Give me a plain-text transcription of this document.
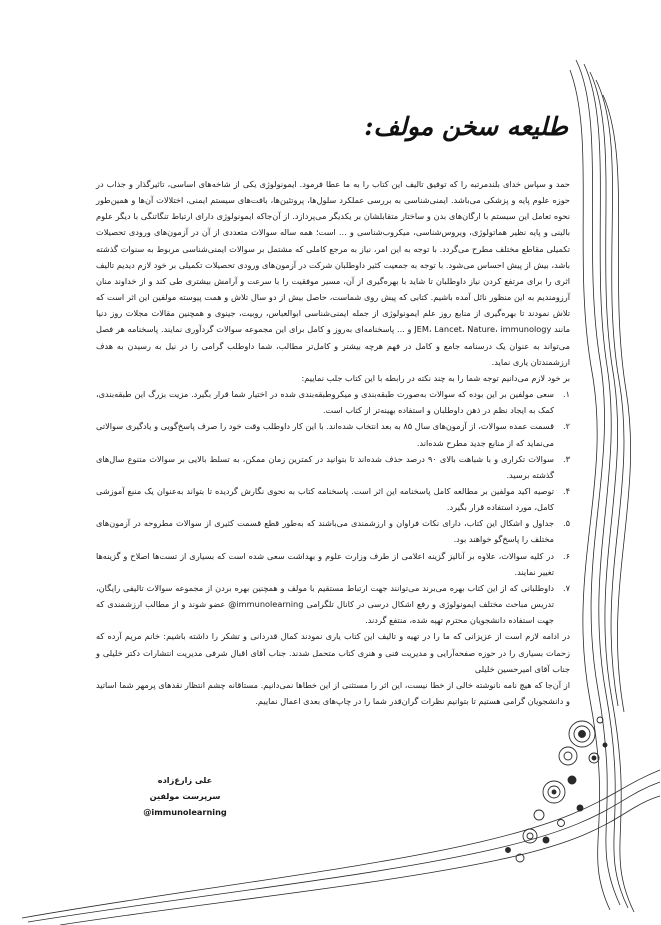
طلیعه سخن مولف:

حمد و سپاس خدای بلندمرتبه را که توفیق تالیف این کتاب را به ما عطا فرمود. ایمونولوژی یکی از شاخه‌های اساسی، تاثیرگذار و جذاب در حوزه علوم پایه و پزشکی می‌باشد. ایمنی‌شناسی به بررسی عملکرد سلول‌ها، پروتئین‌ها، بافت‌های سیستم ایمنی، اختلالات آن‌ها و همین‌طور نحوه تعامل این سیستم با ارگان‌های بدن و ساختار متقابلشان بر یکدیگر می‌پردازد. از آن‌جاکه ایمونولوژی دارای ارتباط تنگاتنگی با دیگر علوم بالینی و پایه نظیر هماتولوژی، ویروس‌شناسی، میکروب‌شناسی و ... است؛ همه ساله سوالات متعددی از آن در آزمون‌های ورودی تحصیلات تکمیلی مقاطع مختلف مطرح می‌گردد. با توجه به این امر، نیاز به مرجع کاملی که مشتمل بر سوالات ایمنی‌شناسی مربوط به سنوات گذشته باشد، بیش از پیش احساس می‌شود. با توجه به جمعیت کثیر داوطلبان شرکت در آزمون‌های ورودی تحصیلات تکمیلی بر خود لازم دیدیم تالیف اثری را برای مرتفع کردن نیاز داوطلبان تا شاید با بهره‌گیری از آن، مسیر موفقیت را با سرعت و آرامش بیشتری طی کند و از خداوند منان آرزومندیم به این منظور نائل آمده باشیم. کتابی که پیش روی شماست، حاصل بیش از دو سال تلاش و همت پیوسته مولفین این اثر است که تلاش نمودند تا بهره‌گیری از منابع روز علم ایمونولوژی از جمله ایمنی‌شناسی ابوالعباس، روبیت، جینوی و همچنین مقالات مجلات روز دنیا مانند JEM، Lancet، Nature، immunology و ... پاسخنامه‌ای به‌روز و کامل برای این مجموعه سوالات گردآوری نمایند. پاسخنامه هر فصل می‌تواند به عنوان یک درسنامه جامع و کامل در فهم هرچه بیشتر و کامل‌تر مطالب، شما داوطلب گرامی را در نیل به رسیدن به هدف ارزشمندتان یاری نماید.

بر خود لازم می‌دانیم توجه شما را به چند نکته در رابطه با این کتاب جلب نماییم:

۱.
سعی مولفین بر این بوده که سوالات به‌صورت طبقه‌بندی و میکروطبقه‌بندی شده در اختیار شما قرار بگیرد. مزیت بزرگ این طبقه‌بندی، کمک به ایجاد نظم در ذهن داوطلبان و استفاده بهینه‌تر از کتاب است.
۲.
قسمت عمده سوالات، از آزمون‌های سال ۸۵ به بعد انتخاب شده‌اند. با این کار داوطلب وقت خود را صرف پاسخ‌گویی و یادگیری سوالاتی می‌نماید که از منابع جدید مطرح شده‌اند.
۳.
سوالات تکراری و با شباهت بالای ۹۰ درصد حذف شده‌اند تا بتوانید در کمترین زمان ممکن، به تسلط بالایی بر سوالات متنوع سال‌های گذشته برسید.
۴.
توصیه اکید مولفین بر مطالعه کامل پاسخنامه این اثر است. پاسخنامه کتاب به نحوی نگارش گردیده تا بتواند به‌عنوان یک منبع آموزشی کامل، مورد استفاده قرار بگیرد.
۵.
جداول و اشکال این کتاب، دارای نکات فراوان و ارزشمندی می‌باشند که به‌طور قطع قسمت کثیری از سوالات مطروحه در آزمون‌های مختلف را پاسخ‌گو خواهند بود.
۶.
در کلیه سوالات، علاوه بر آنالیز گزینه اعلامی از طرف وزارت علوم و بهداشت سعی شده است که بسیاری از تست‌ها اصلاح و گزینه‌ها تغییر نمایند.
۷.
داوطلبانی که از این کتاب بهره می‌برند می‌توانند جهت ارتباط مستقیم با مولف و همچنین بهره بردن از مجموعه سوالات تالیفی رایگان، تدریس مباحث مختلف ایمونولوژی و رفع اشکال درسی در کانال تلگرامی immunolearning@ عضو شوند و از مطالب ارزشمندی که جهت استفاده دانشجویان محترم تهیه شده، منتفع گردند.

در ادامه لازم است از عزیزانی که ما را در تهیه و تالیف این کتاب یاری نمودند کمال قدردانی و تشکر را داشته باشیم: خانم مریم آرده که زحمات بسیاری را در حوزه صفحه‌آرایی و مدیریت فنی و هنری کتاب متحمل شدند. جناب آقای اقبال شرفی مدیریت انتشارات دکتر خلیلی و جناب آقای امیرحسین خلیلی

از آن‌جا که هیچ نامه نانوشته خالی از خطا نیست، این اثر را مستثنی از این خطاها نمی‌دانیم. مستاقانه چشم انتظار نقدهای پرمهر شما اساتید و دانشجویان گرامی هستیم تا بتوانیم نظرات گران‌قدر شما را در چاپ‌های بعدی اعمال نماییم.

علی زارع‌زاده
سرپرست مولفین
@immunolearning
